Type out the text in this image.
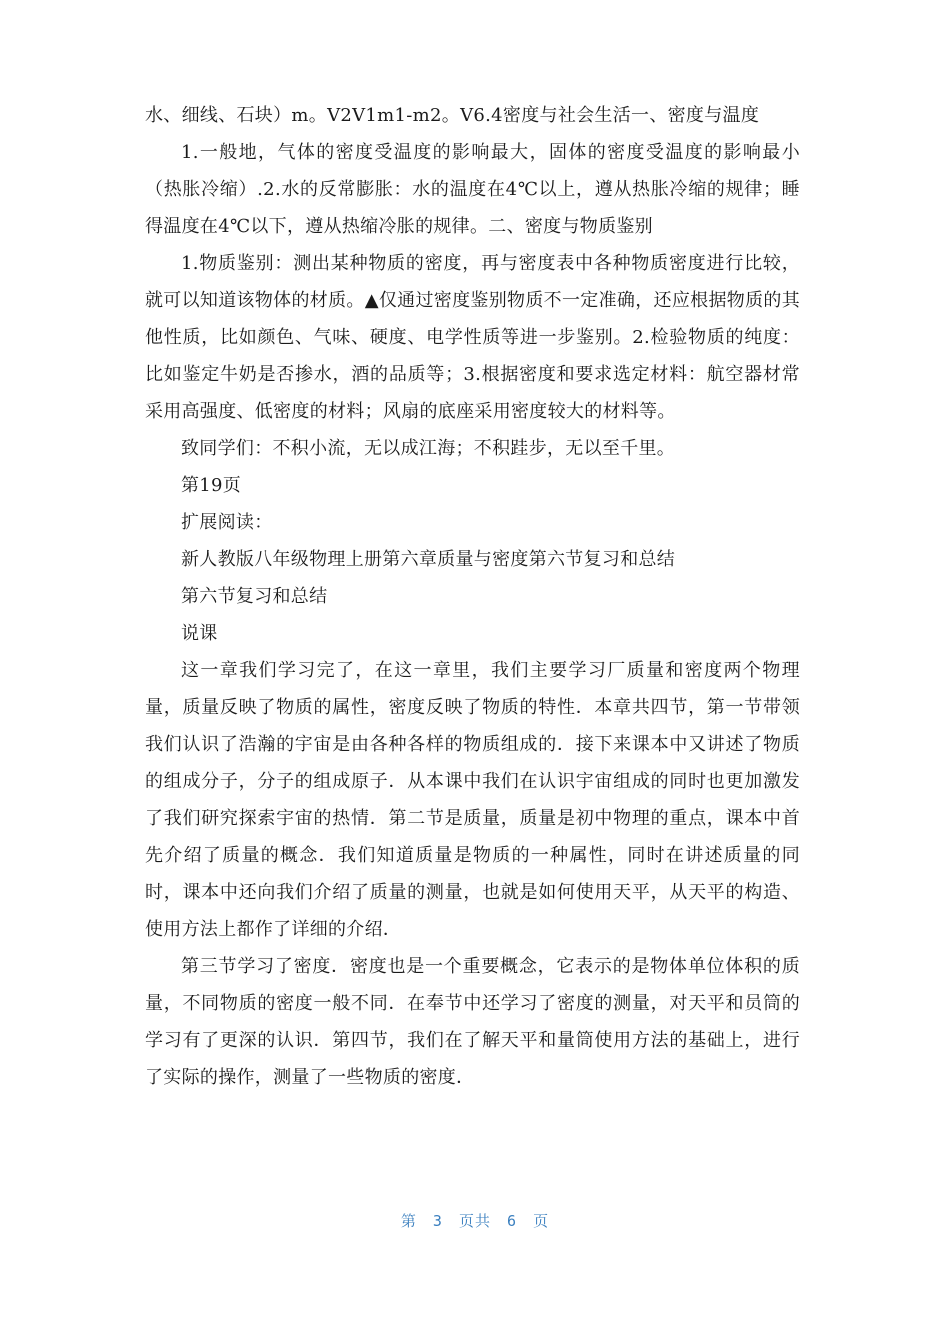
水、细线、石块）m。V2V1m1-m2。V6.4密度与社会生活一、密度与温度

1.一般地，气体的密度受温度的影响最大，固体的密度受温度的影响最小（热胀冷缩）.2.水的反常膨胀：水的温度在4℃以上，遵从热胀冷缩的规律；睡得温度在4℃以下，遵从热缩冷胀的规律。二、密度与物质鉴别

1.物质鉴别：测出某种物质的密度，再与密度表中各种物质密度进行比较，就可以知道该物体的材质。▲仅通过密度鉴别物质不一定准确，还应根据物质的其他性质，比如颜色、气味、硬度、电学性质等进一步鉴别。2.检验物质的纯度：比如鉴定牛奶是否掺水，酒的品质等；3.根据密度和要求选定材料：航空器材常采用高强度、低密度的材料；风扇的底座采用密度较大的材料等。

致同学们：不积小流，无以成江海；不积跬步，无以至千里。

第19页

扩展阅读：

新人教版八年级物理上册第六章质量与密度第六节复习和总结

第六节复习和总结

说课

这一章我们学习完了，在这一章里，我们主要学习厂质量和密度两个物理量，质量反映了物质的属性，密度反映了物质的特性．本章共四节，第一节带领我们认识了浩瀚的宇宙是由各种各样的物质组成的．接下来课本中又讲述了物质的组成分子，分子的组成原子．从本课中我们在认识宇宙组成的同时也更加激发了我们研究探索宇宙的热情．第二节是质量，质量是初中物理的重点，课本中首先介绍了质量的概念．我们知道质量是物质的一种属性，同时在讲述质量的同时，课本中还向我们介绍了质量的测量，也就是如何使用天平，从天平的构造、使用方法上都作了详细的介绍．

第三节学习了密度．密度也是一个重要概念，它表示的是物体单位体积的质量，不同物质的密度一般不同．在奉节中还学习了密度的测量，对天平和员筒的学习有了更深的认识．第四节，我们在了解天平和量筒使用方法的基础上，进行了实际的操作，测量了一些物质的密度．

第 3 页共 6 页
